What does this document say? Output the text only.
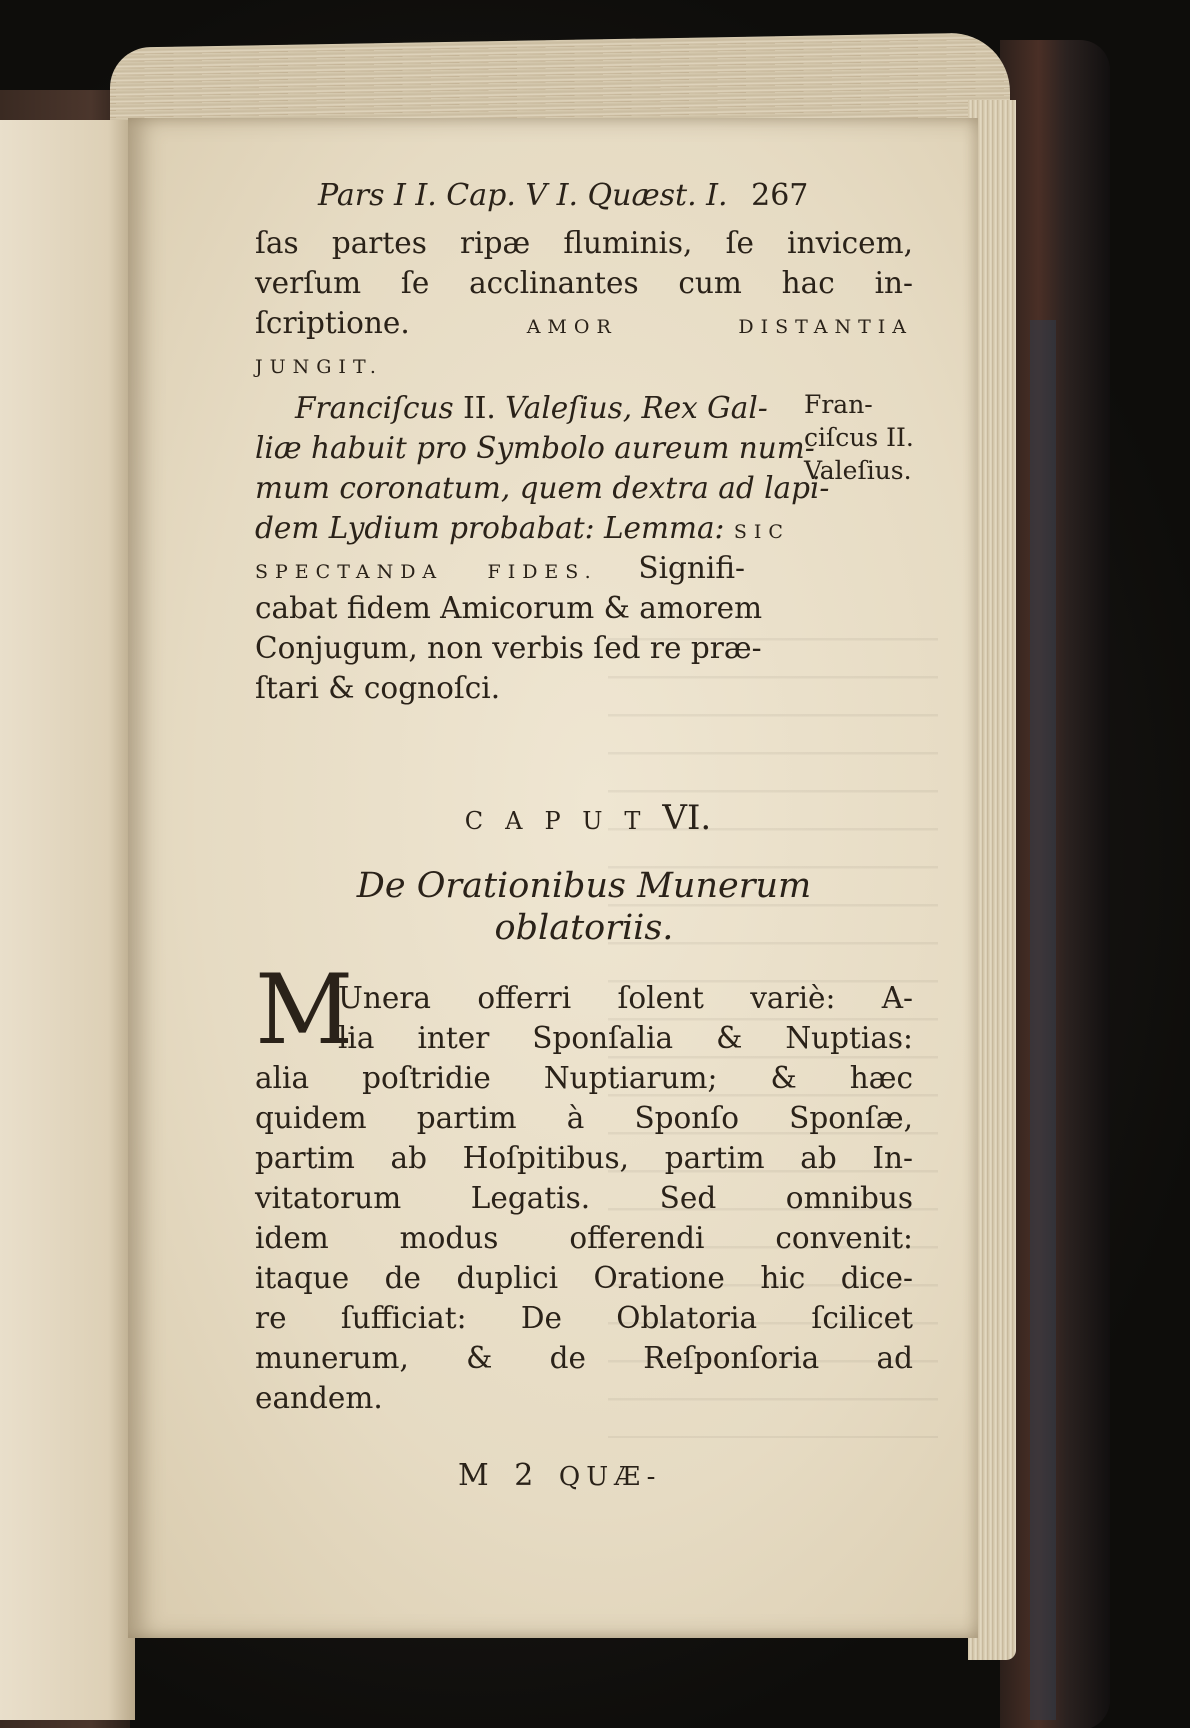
Pars I I. Cap. V I. Quæst. I. 267
ſas partes ripæ fluminis, ſe invicem,
verſum ſe acclinantes cum hac in-
ſcriptione.	AMOR DISTANTIA
JUNGIT.
Franciſcus II. Valeſius, Rex Gal-
liæ habuit pro Symbolo aureum num-
mum coronatum, quem dextra ad lapi-
dem Lydium probabat: Lemma: SIC
SPECTANDA FIDES. Signifi-
cabat fidem Amicorum & amorem
Conjugum, non verbis ſed re præ-
ſtari & cognoſci.
Fran-
ciſcus II.
Valeſius.
CAPUTVI.
De Orationibus Munerum
oblatoriis.
M
Unera offerri ſolent variè: A-
lia inter Sponſalia & Nuptias:
alia poſtridie Nuptiarum; & hæc
quidem partim à Sponſo Sponſæ,
partim ab Hoſpitibus, partim ab In-
vitatorum Legatis. Sed omnibus
idem modus offerendi convenit:
itaque de duplici Oratione hic dice-
re ſufficiat: De Oblatoria ſcilicet
munerum, & de Reſponſoria ad
eandem.
M 2 QUÆ-
